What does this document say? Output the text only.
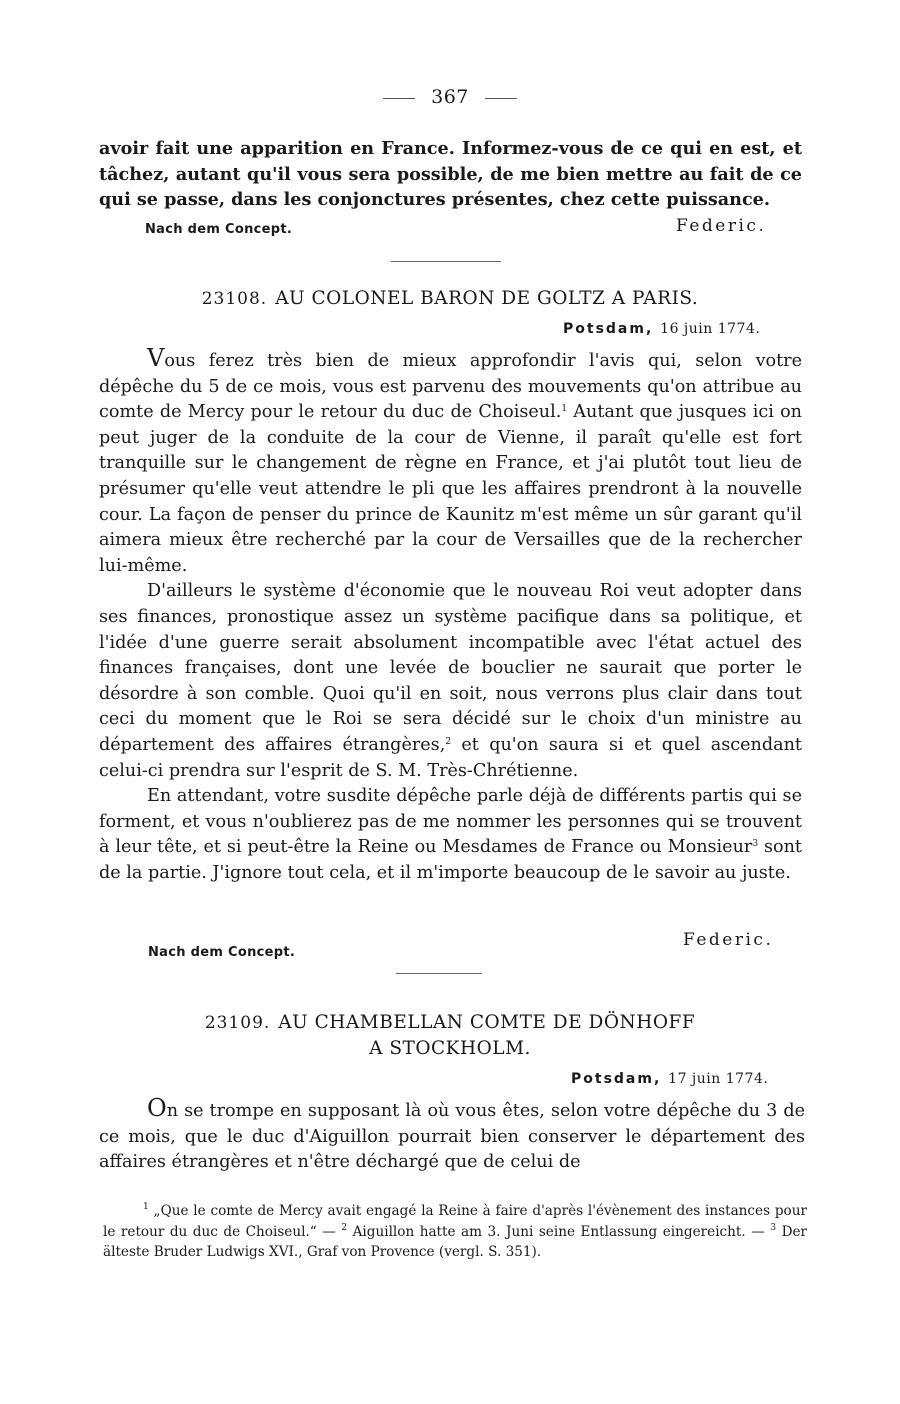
367

avoir fait une apparition en France. Informez-vous de ce qui en est, et tâchez, autant qu'il vous sera possible, de me bien mettre au fait de ce qui se passe, dans les conjonctures présentes, chez cette puissance.

Nach dem Concept.	Federic.
23108. AU COLONEL BARON DE GOLTZ A PARIS.
Potsdam, 16 juin 1774.

Vous ferez très bien de mieux approfondir l'avis qui, selon votre dépêche du 5 de ce mois, vous est parvenu des mouvements qu'on attribue au comte de Mercy pour le retour du duc de Choiseul.$^1$ Autant que jusques ici on peut juger de la conduite de la cour de Vienne, il paraît qu'elle est fort tranquille sur le changement de règne en France, et j'ai plutôt tout lieu de présumer qu'elle veut attendre le pli que les affaires prendront à la nouvelle cour. La façon de penser du prince de Kaunitz m'est même un sûr garant qu'il aimera mieux être recherché par la cour de Versailles que de la rechercher lui-même.

D'ailleurs le système d'économie que le nouveau Roi veut adopter dans ses finances, pronostique assez un système pacifique dans sa politique, et l'idée d'une guerre serait absolument incompatible avec l'état actuel des finances françaises, dont une levée de bouclier ne saurait que porter le désordre à son comble. Quoi qu'il en soit, nous verrons plus clair dans tout ceci du moment que le Roi se sera décidé sur le choix d'un ministre au département des affaires étrangères,$^2$ et qu'on saura si et quel ascendant celui-ci prendra sur l'esprit de S. M. Très-Chrétienne.

En attendant, votre susdite dépêche parle déjà de différents partis qui se forment, et vous n'oublierez pas de me nommer les personnes qui se trouvent à leur tête, et si peut-être la Reine ou Mesdames de France ou Monsieur$^3$ sont de la partie. J'ignore tout cela, et il m'importe beaucoup de le savoir au juste.

Nach dem Concept.
Federic.
23109. AU CHAMBELLAN COMTE DE DÖNHOFF
A STOCKHOLM.
Potsdam, 17 juin 1774.

On se trompe en supposant là où vous êtes, selon votre dépêche du 3 de ce mois, que le duc d'Aiguillon pourrait bien conserver le département des affaires étrangères et n'être déchargé que de celui de

$^1$ „Que le comte de Mercy avait engagé la Reine à faire d'après l'évènement des instances pour le retour du duc de Choiseul.“ — $^2$ Aiguillon hatte am 3. Juni seine Entlassung eingereicht. — $^3$ Der älteste Bruder Ludwigs XVI., Graf von Provence (vergl. S. 351).
